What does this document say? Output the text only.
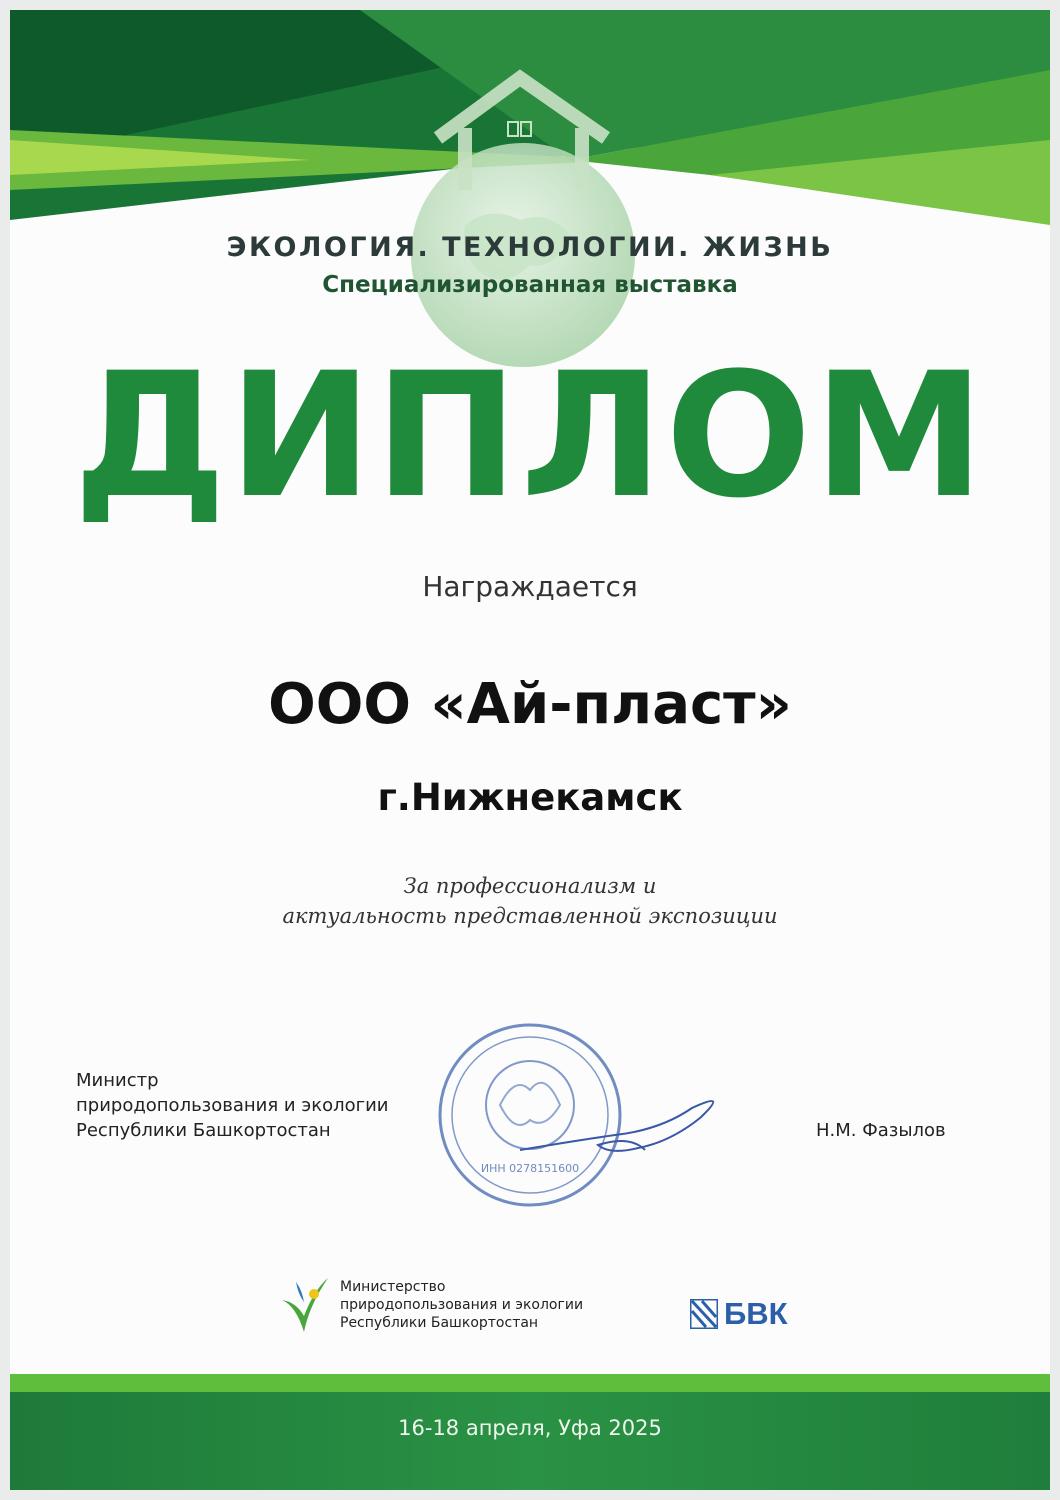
ЭКОЛОГИЯ. ТЕХНОЛОГИИ. ЖИЗНЬ
Специализированная выставка
ДИПЛОМ
Награждается
ООО «Ай-пласт»
г.Нижнекамск
За профессионализм и
актуальность представленной экспозиции
Министр
природопользования и экологии
Республики Башкортостан
ИНН 0278151600
Н.М. Фазылов
Министерство
природопользования и экологии
Республики Башкортостан	БВК
16-18 апреля, Уфа 2025
